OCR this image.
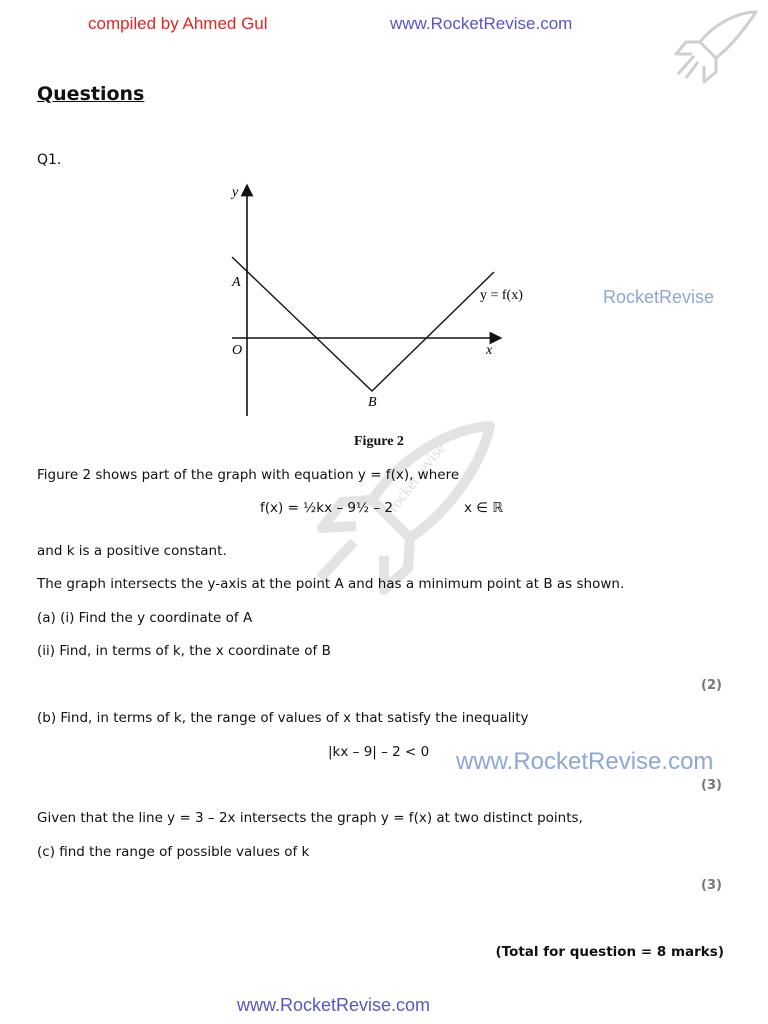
compiled by Ahmed Gul	www.RocketRevise.com
rocket revise
Questions
Q1.
y
x
O
A
B
y = f(x)
Figure 2
RocketRevise
Figure 2 shows part of the graph with equation y = f(x), where
f(x) = ½kx – 9½ – 2	x ∈ ℝ
and k is a positive constant.
The graph intersects the y-axis at the point A and has a minimum point at B as shown.
(a) (i) Find the y coordinate of A
(ii) Find, in terms of k, the x coordinate of B
(2)
(b) Find, in terms of k, the range of values of x that satisfy the inequality
|kx – 9| – 2 < 0 www.RocketRevise.com
(3)
Given that the line y = 3 – 2x intersects the graph y = f(x) at two distinct points,
(c) find the range of possible values of k
(3)
(Total for question = 8 marks)
www.RocketRevise.com
